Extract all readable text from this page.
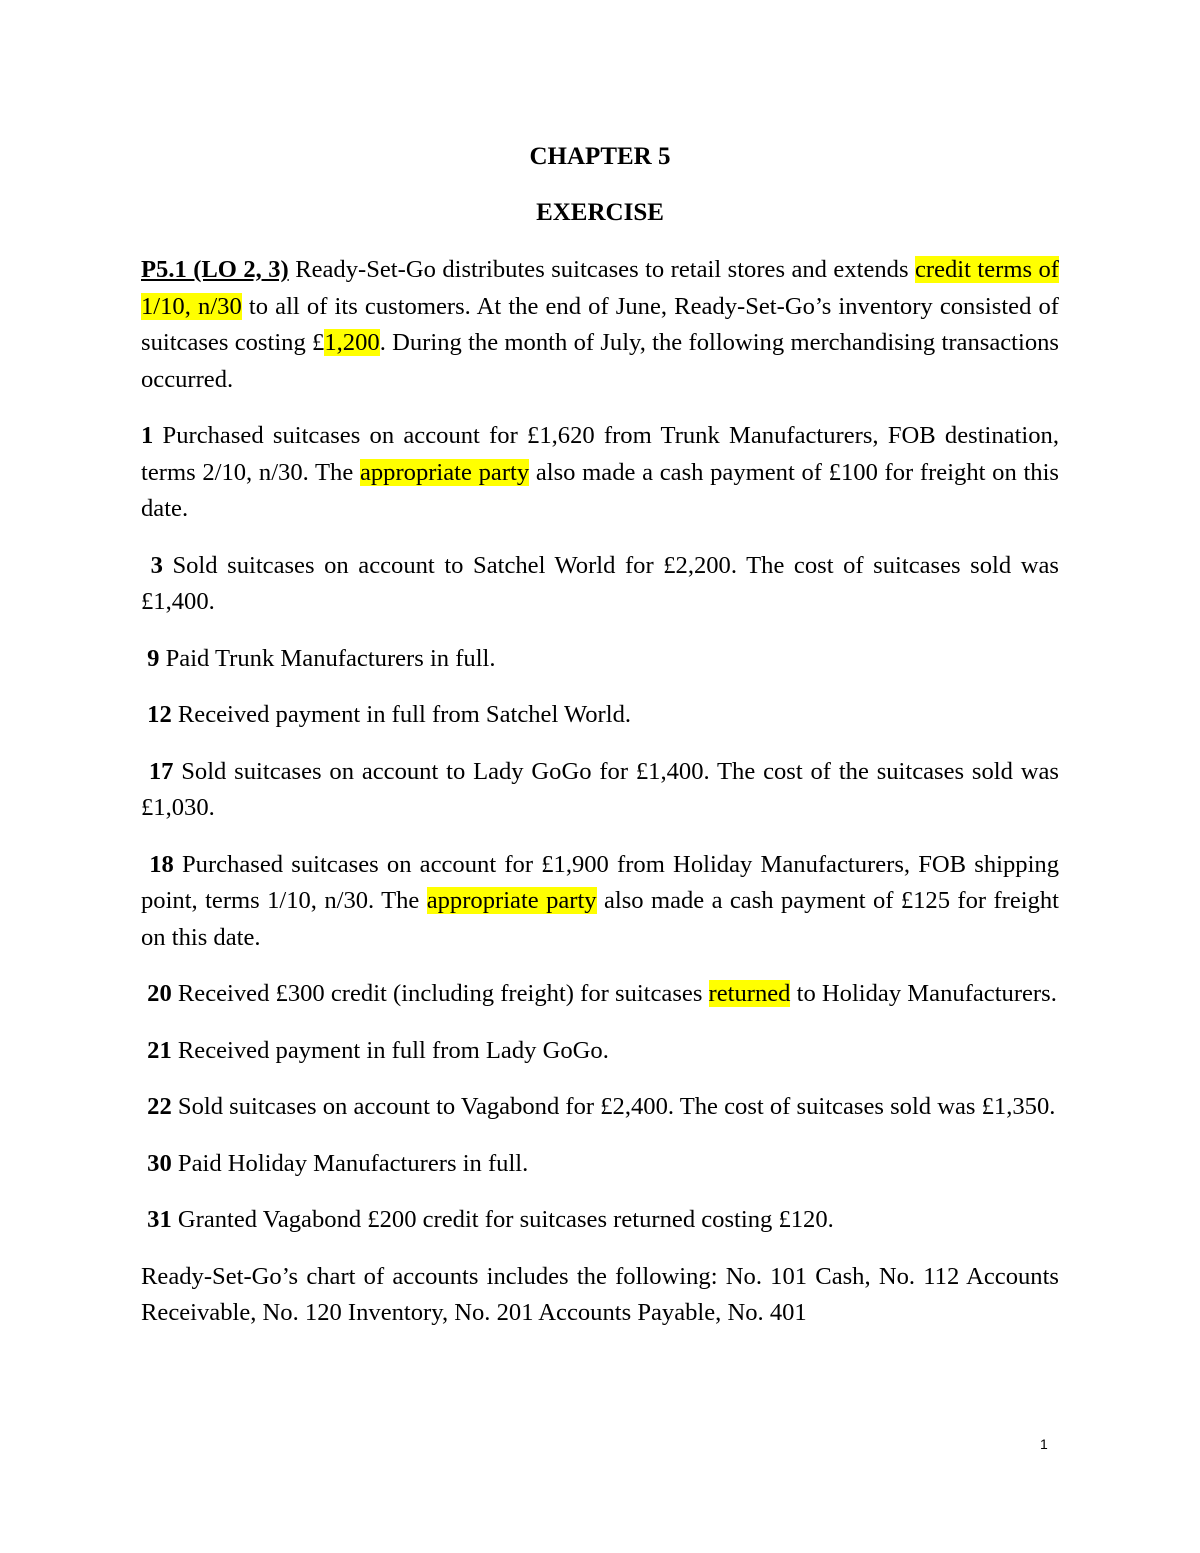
CHAPTER 5
EXERCISE

P5.1 (LO 2, 3) Ready-Set-Go distributes suitcases to retail stores and extends credit terms of 1/10, n/30 to all of its customers. At the end of June, Ready-Set-Go’s inventory consisted of suitcases costing £1,200. During the month of July, the following merchandising transactions occurred.

1 Purchased suitcases on account for £1,620 from Trunk Manufacturers, FOB destination, terms 2/10, n/30. The appropriate party also made a cash payment of £100 for freight on this date.

3 Sold suitcases on account to Satchel World for £2,200. The cost of suitcases sold was £1,400.

9 Paid Trunk Manufacturers in full.

12 Received payment in full from Satchel World.

17 Sold suitcases on account to Lady GoGo for £1,400. The cost of the suitcases sold was £1,030.

18 Purchased suitcases on account for £1,900 from Holiday Manufacturers, FOB shipping point, terms 1/10, n/30. The appropriate party also made a cash payment of £125 for freight on this date.

20 Received £300 credit (including freight) for suitcases returned to Holiday Manufacturers.

21 Received payment in full from Lady GoGo.

22 Sold suitcases on account to Vagabond for £2,400. The cost of suitcases sold was £1,350.

30 Paid Holiday Manufacturers in full.

31 Granted Vagabond £200 credit for suitcases returned costing £120.

Ready-Set-Go’s chart of accounts includes the following: No. 101 Cash, No. 112 Accounts Receivable, No. 120 Inventory, No. 201 Accounts Payable, No. 401

1
